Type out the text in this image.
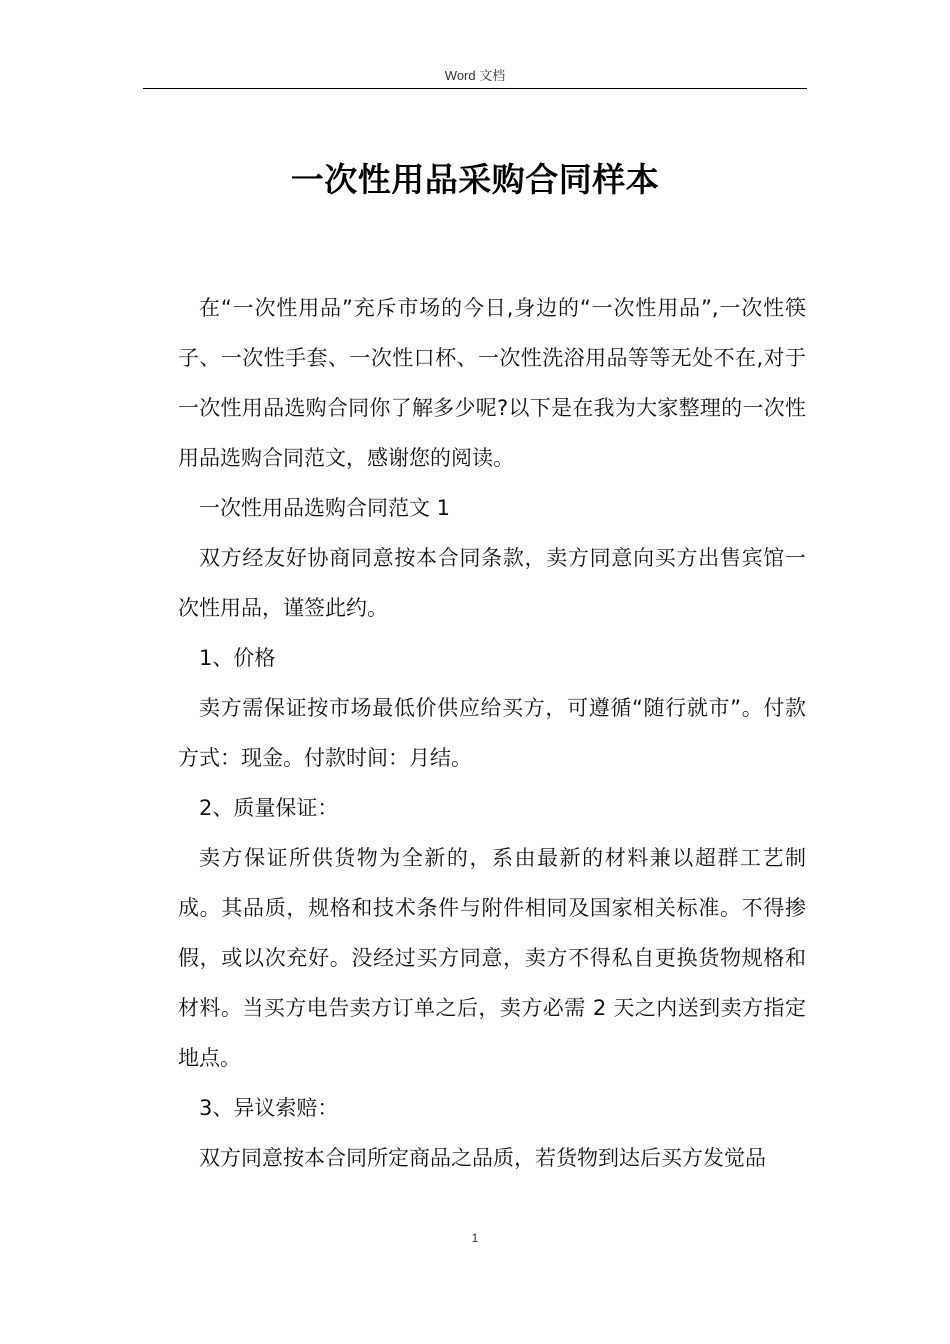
Word 文档
一次性用品采购合同样本

在“一次性用品”充斥市场的今日,身边的“一次性用品”,一次性筷子、一次性手套、一次性口杯、一次性洗浴用品等等无处不在,对于一次性用品选购合同你了解多少呢?以下是在我为大家整理的一次性用品选购合同范文，感谢您的阅读。

一次性用品选购合同范文 1

双方经友好协商同意按本合同条款，卖方同意向买方出售宾馆一次性用品，谨签此约。

1、价格

卖方需保证按市场最低价供应给买方，可遵循“随行就市”。付款方式：现金。付款时间：月结。

2、质量保证：

卖方保证所供货物为全新的，系由最新的材料兼以超群工艺制成。其品质，规格和技术条件与附件相同及国家相关标准。不得掺假，或以次充好。没经过买方同意，卖方不得私自更换货物规格和材料。当买方电告卖方订单之后，卖方必需 2 天之内送到卖方指定地点。

3、异议索赔：

双方同意按本合同所定商品之品质，若货物到达后买方发觉品

1
